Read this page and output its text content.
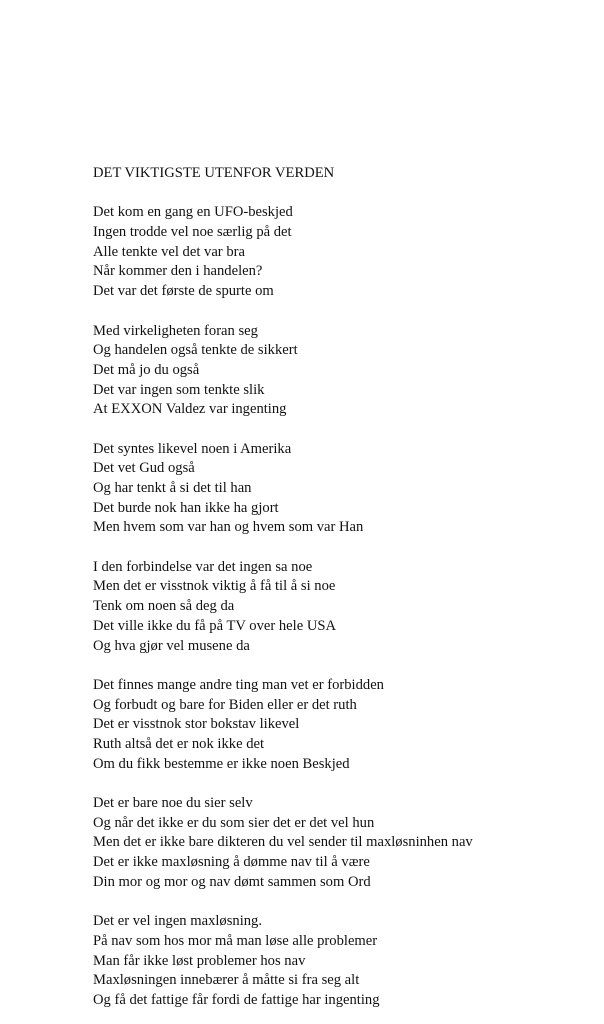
DET VIKTIGSTE UTENFOR VERDEN
Det kom en gang en UFO-beskjed
Ingen trodde vel noe særlig på det
Alle tenkte vel det var bra
Når kommer den i handelen?
Det var det første de spurte om
Med virkeligheten foran seg
Og handelen også tenkte de sikkert
Det må jo du også
Det var ingen som tenkte slik
At EXXON Valdez var ingenting
Det syntes likevel noen i Amerika
Det vet Gud også
Og har tenkt å si det til han
Det burde nok han ikke ha gjort
Men hvem som var han og hvem som var Han
I den forbindelse var det ingen sa noe
Men det er visstnok viktig å få til å si noe
Tenk om noen så deg da
Det ville ikke du få på TV over hele USA
Og hva gjør vel musene da
Det finnes mange andre ting man vet er forbidden
Og forbudt og bare for Biden eller er det ruth
Det er visstnok stor bokstav likevel
Ruth altså det er nok ikke det
Om du fikk bestemme er ikke noen Beskjed
Det er bare noe du sier selv
Og når det ikke er du som sier det er det vel hun
Men det er ikke bare dikteren du vel sender til maxløsninhen nav
Det er ikke maxløsning å dømme nav til å være
Din mor og mor og nav dømt sammen som Ord
Det er vel ingen maxløsning.
På nav som hos mor må man løse alle problemer
Man får ikke løst problemer hos nav
Maxløsningen innebærer å måtte si fra seg alt
Og få det fattige får fordi de fattige har ingenting
